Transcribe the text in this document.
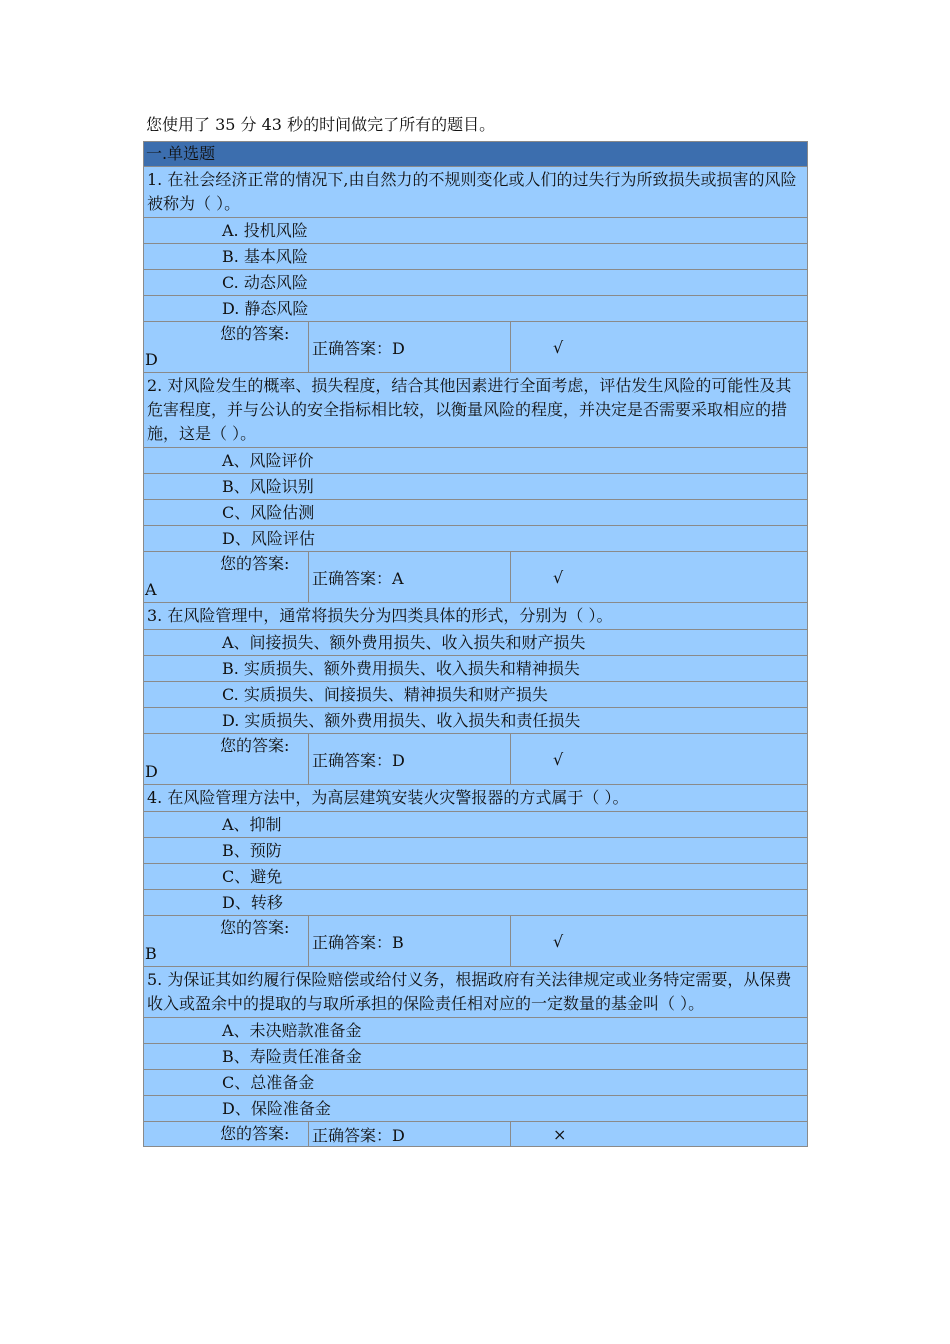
您使用了 35 分 43 秒的时间做完了所有的题目。
一.单选题
1. 在社会经济正常的情况下,由自然力的不规则变化或人们的过失行为所致损失或损害的风险被称为（ ）。
A. 投机风险
B. 基本风险
C. 动态风险
D. 静态风险

您的答案:
D
正确答案：D	√

2. 对风险发生的概率、损失程度，结合其他因素进行全面考虑，评估发生风险的可能性及其危害程度，并与公认的安全指标相比较，以衡量风险的程度，并决定是否需要采取相应的措施，这是（ ）。
A、风险评价
B、风险识别
C、风险估测
D、风险评估

您的答案:
A
正确答案：A	√

3. 在风险管理中，通常将损失分为四类具体的形式，分别为（ ）。
A、间接损失、额外费用损失、收入损失和财产损失
B. 实质损失、额外费用损失、收入损失和精神损失
C. 实质损失、间接损失、精神损失和财产损失
D. 实质损失、额外费用损失、收入损失和责任损失

您的答案:
D
正确答案：D	√

4. 在风险管理方法中，为高层建筑安装火灾警报器的方式属于（ ）。
A、抑制
B、预防
C、避免
D、转移

您的答案:
B
正确答案：B	√

5. 为保证其如约履行保险赔偿或给付义务，根据政府有关法律规定或业务特定需要，从保费收入或盈余中的提取的与取所承担的保险责任相对应的一定数量的基金叫（ ）。
A、未决赔款准备金
B、寿险责任准备金
C、总准备金
D、保险准备金

您的答案: 正确答案：D	×
